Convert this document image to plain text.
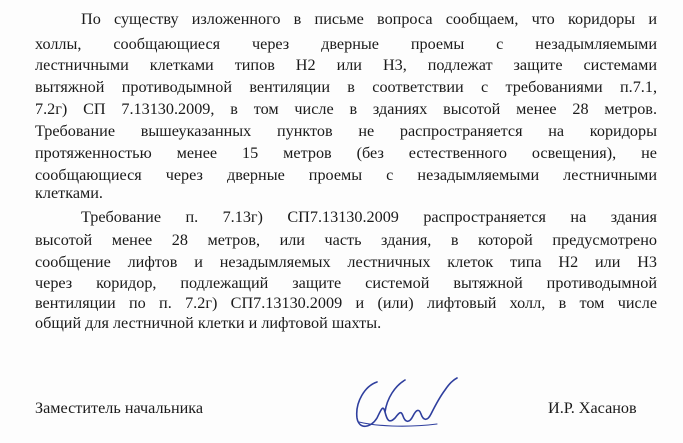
По существу изложенного в письме вопроса сообщаем, что коридоры и
холлы, сообщающиеся через дверные проемы с незадымляемыми
лестничными клетками типов Н2 или Н3, подлежат защите системами
вытяжной противодымной вентиляции в соответствии с требованиями п.7.1,
7.2г) СП 7.13130.2009, в том числе в зданиях высотой менее 28 метров.
Требование вышеуказанных пунктов не распространяется на коридоры
протяженностью менее 15 метров (без естественного освещения), не
сообщающиеся через дверные проемы с незадымляемыми лестничными
клетками.
Требование п. 7.13г) СП7.13130.2009 распространяется на здания
высотой менее 28 метров, или часть здания, в которой предусмотрено
сообщение лифтов и незадымляемых лестничных клеток типа Н2 или Н3
через коридор, подлежащий защите системой вытяжной противодымной
вентиляции по п. 7.2г) СП7.13130.2009 и (или) лифтовый холл, в том числе
общий для лестничной клетки и лифтовой шахты.
Заместитель начальника	И.Р. Хасанов
